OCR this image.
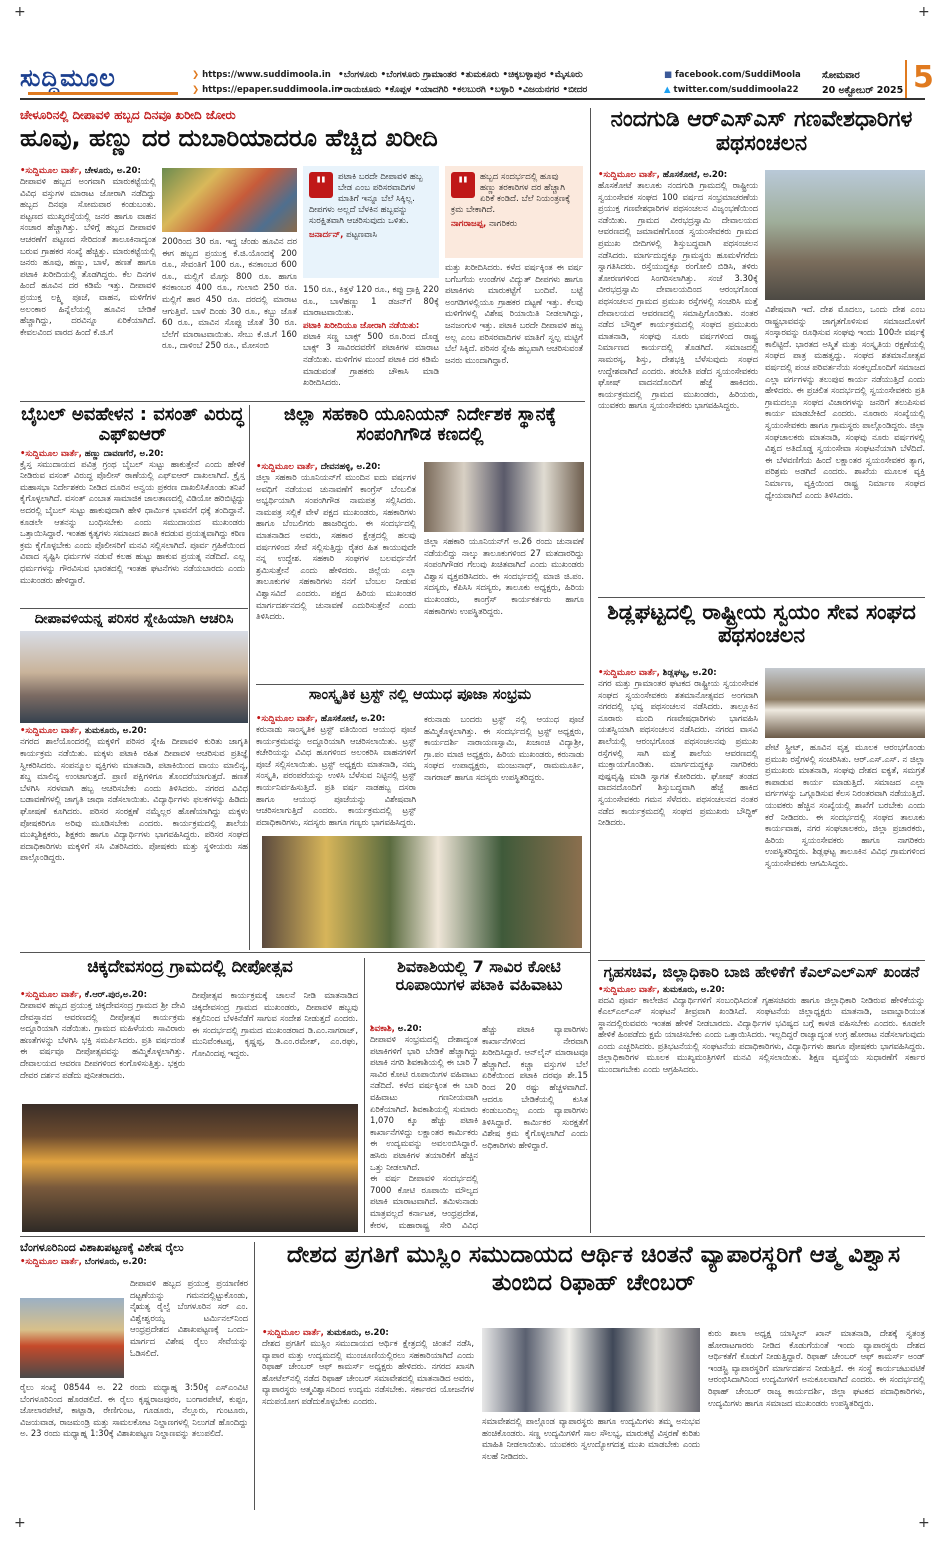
+	+
+	+
ಸುದ್ದಿಮೂಲ	❯ https://www.suddimoola.in
❯ https://epaper.suddimoola.in
•ಬೆಂಗಳೂರು •ಬೆಂಗಳೂರು ಗ್ರಾಮಾಂತರ •ತುಮಕೂರು •ಚಿಕ್ಕಬಳ್ಳಾಪುರ •ಮೈಸೂರು
•ರಾಯಚೂರು •ಕೊಪ್ಪಳ •ಯಾದಗಿರಿ •ಕಲಬುರಗಿ •ಬಳ್ಳಾರಿ •ವಿಜಯನಗರ •ಬೀದರ
■ facebook.com/SuddiMoola
▲ twitter.com/suddimoola22
ಸೋಮವಾರ
20 ಅಕ್ಟೋಬರ್ 2025 5
ಚೇಳೂರಿನಲ್ಲಿ ದೀಪಾವಳಿ ಹಬ್ಬದ ದಿನವೂ ಖರೀದಿ ಜೋರು
ಹೂವು, ಹಣ್ಣು ದರ ದುಬಾರಿಯಾದರೂ ಹೆಚ್ಚಿದ ಖರೀದಿ
•ಸುದ್ದಿಮೂಲ ವಾರ್ತೆ, ಚೇಳೂರು, ಅ.20:
ದೀಪಾವಳಿ ಹಬ್ಬದ ಅಂಗವಾಗಿ ಮಾರುಕಟ್ಟೆಯಲ್ಲಿ ವಿವಿಧ ವಸ್ತುಗಳ ಮಾರಾಟ ಜೋರಾಗಿ ನಡೆದಿದ್ದು ಹಬ್ಬದ ದಿನವೂ ಸೋಮವಾರ ಕಂಡುಬಂತು. ಪಟ್ಟಣದ ಮುಖ್ಯರಸ್ತೆಯಲ್ಲಿ ಜನರ ಹಾಗೂ ವಾಹನ ಸಂಚಾರ ಹೆಚ್ಚಾಗಿತ್ತು. ಬೆಳಿಗ್ಗೆ ಹಬ್ಬದ ದೀಪಾವಳಿ ಆಚರಣೆಗೆ ಪಟ್ಟಣದ ಸೇರಿದಂತೆ ತಾಲೂಕಿನಾದ್ಯಂತ ಬರುವ ಗ್ರಾಹಕರ ಸಂಖ್ಯೆ ಹೆಚ್ಚಿತ್ತು. ಮಾರುಕಟ್ಟೆಯಲ್ಲಿ ಜನರು ಹೂವು, ಹಣ್ಣು, ಬಾಳೆ, ಹಣತೆ ಹಾಗೂ ಪಟಾಕಿ ಖರೀದಿಯಲ್ಲಿ ತೊಡಗಿದ್ದರು. ಕೆಲ ದಿನಗಳ ಹಿಂದೆ ಹೂವಿನ ದರ ಕಡಿಮೆ ಇತ್ತು. ದೀಪಾವಳಿ ಪ್ರಯುಕ್ತ ಲಕ್ಷ್ಮಿ ಪೂಜೆ, ವಾಹನ, ಮಳಿಗೆಗಳ ಅಲಂಕಾರ ಹಿನ್ನೆಲೆಯಲ್ಲಿ ಹೂವಿನ ಬೇಡಿಕೆ ಹೆಚ್ಚಾಗಿದ್ದು, ದರವಿನ್ನೂ ಏರಿಕೆಯಾಗಿದೆ. ಕೇವಲವಿಂದ ವಾರದ ಹಿಂದೆ ಕೆ.ಜಿ.ಗೆ
200ರಿಂದ 30 ರೂ. ಇದ್ದ ಚೆಂಡು ಹೂವಿನ ದರ ಈಗ ಹಬ್ಬದ ಪ್ರಯುಕ್ತ ಕೆ.ಜಿ.ಯೊಂದಕ್ಕೆ 200 ರೂ., ಸೇವಂತಿಗೆ 100 ರೂ., ಕನಕಾಂಬರ 600 ರೂ., ಮಲ್ಲಿಗೆ ಮೊಗ್ಗು 800 ರೂ. ಹಾಗೂ ಕನಕಾಂಬರ 400 ರೂ., ಗುಲಾಬಿ 250 ರೂ. ಮಲ್ಲಿಗೆ ಹಾರ 450 ರೂ. ದರದಲ್ಲಿ ಮಾರಾಟ ಆಗುತ್ತಿವೆ. ಬಾಳೆ ದಿಂಡು 30 ರೂ., ಕಬ್ಬು ಜೊತೆ 60 ರೂ., ಮಾವಿನ ಸೊಪ್ಪು ಜೊತೆ 30 ರೂ. ಬೆಲೆಗೆ ಮಾರಾಟವಾಯಿತು. ಸೇಬು ಕೆ.ಜಿ.ಗೆ 160 ರೂ., ದಾಳಿಂಬೆ 250 ರೂ., ಮೋಸಂಬಿ
"	ಪಟಾಕಿ ಬರದೇ ದೀಪಾವಳಿ ಹಬ್ಬ ಬೇಡ ಎಂಬ ಪರಿಸರವಾದಿಗಳ ಮಾತಿಗೆ ಇನ್ನೂ ಬೆಲೆ ಸಿಕ್ಕಿಲ್ಲ. ದೀಪಗಳು ಅಲ್ಲದೆ ಬೆಳಕಿನ ಹಬ್ಬವನ್ನು ಸುರಕ್ಷಿತವಾಗಿ ಆಚರಿಸುವುದು ಒಳಿತು.
ಜನಾರ್ದನ್, ಪಟ್ಟಣವಾಸಿ
"	ಹಬ್ಬದ ಸಂದರ್ಭದಲ್ಲಿ ಹೂವು ಹಣ್ಣು ತರಕಾರಿಗಳ ದರ ಹೆಚ್ಚಾಗಿ ಏರಿಕೆ ಕಂಡಿದೆ. ಬೆಲೆ ನಿಯಂತ್ರಣಕ್ಕೆ ಕ್ರಮ ಬೇಕಾಗಿದೆ.
ನಾಗರಾಜಪ್ಪ, ನಾಗರಿಕರು
150 ರೂ., ಕಿತ್ತಳೆ 120 ರೂ., ಕಪ್ಪು ದ್ರಾಕ್ಷಿ 220 ರೂ., ಬಾಳೆಹಣ್ಣು 1 ಡಜನ್‌ಗೆ 80ಕ್ಕೆ ಮಾರಾಟವಾಯಿತು.
ಪಟಾಕಿ ಖರೀದಿಯೂ ಜೋರಾಗಿ ನಡೆಯಿತು:
ಪಟಾಕಿ ಸಣ್ಣ ಬಾಕ್ಸ್ 500 ರೂ.ರಿಂದ ದೊಡ್ಡ ಬಾಕ್ಸ್ 3 ಸಾವಿರದವರೆಗೆ ಪಟಾಕಿಗಳ ಮಾರಾಟ ನಡೆಯಿತು. ಮಳಿಗೆಗಳ ಮುಂದೆ ಪಟಾಕಿ ದರ ಕಡಿಮೆ ಮಾಡುವಂತೆ ಗ್ರಾಹಕರು ಚೌಕಾಸಿ ಮಾಡಿ ಖರೀದಿಸಿದರು.
ಮತ್ತು ಖರೀದಿಸಿದರು. ಕಳೆದ ವರ್ಷಕ್ಕಿಂತ ಈ ವರ್ಷ ಬಗೆಬಗೆಯ ಉಂಡೆಗಳ ವಿದ್ಯುತ್ ದೀಪಗಳು ಹಾಗೂ ಪಟಾಕಿಗಳು ಮಾರುಕಟ್ಟೆಗೆ ಬಂದಿವೆ. ಬಟ್ಟೆ ಅಂಗಡಿಗಳಲ್ಲಿಯೂ ಗ್ರಾಹಕರ ದಟ್ಟಣೆ ಇತ್ತು. ಕೆಲವು ಮಳಿಗೆಗಳಲ್ಲಿ ವಿಶೇಷ ರಿಯಾಯಿತಿ ನೀಡಲಾಗಿದ್ದು, ಜನಜಂಗುಳಿ ಇತ್ತು. ಪಟಾಕಿ ಬರದೇ ದೀಪಾವಳಿ ಹಬ್ಬ ಅಲ್ಲ ಎಂಬ ಪರಿಸರವಾದಿಗಳ ಮಾತಿಗೆ ಸ್ವಲ್ಪ ಮಟ್ಟಿಗೆ ಬೆಲೆ ಸಿಕ್ಕಿದೆ. ಪರಿಸರ ಸ್ನೇಹಿ ಹಬ್ಬವಾಗಿ ಆಚರಿಸುವಂತೆ ಜನರು ಮುಂದಾಗಿದ್ದಾರೆ.
ನಂದಗುಡಿ ಆರ್‌ಎಸ್‌ಎಸ್ ಗಣವೇಶಧಾರಿಗಳ ಪಥಸಂಚಲನ
•ಸುದ್ದಿಮೂಲ ವಾರ್ತೆ, ಹೊಸಕೋಟೆ, ಅ.20:
ಹೊಸಕೋಟೆ ತಾಲೂಕು ನಂದಗುಡಿ ಗ್ರಾಮದಲ್ಲಿ ರಾಷ್ಟ್ರೀಯ ಸ್ವಯಂಸೇವಕ ಸಂಘದ 100 ವರ್ಷದ ಸಂಭ್ರಮಾಚರಣೆಯ ಪ್ರಯುಕ್ತ ಗಣವೇಶಧಾರಿಗಳ ಪಥಸಂಚಲನ ವಿಜೃಂಭಣೆಯಿಂದ ನಡೆಯಿತು. ಗ್ರಾಮದ ವೀರಭದ್ರಸ್ವಾಮಿ ದೇವಾಲಯದ ಆವರಣದಲ್ಲಿ ಜಮಾವಣೆಗೊಂಡ ಸ್ವಯಂಸೇವಕರು ಗ್ರಾಮದ ಪ್ರಮುಖ ಬೀದಿಗಳಲ್ಲಿ ಶಿಸ್ತುಬದ್ಧವಾಗಿ ಪಥಸಂಚಲನ ನಡೆಸಿದರು. ಮಾರ್ಗದುದ್ದಕ್ಕೂ ಗ್ರಾಮಸ್ಥರು ಹೂಮಳೆಗರೆದು ಸ್ವಾಗತಿಸಿದರು. ರಸ್ತೆಯುದ್ದಕ್ಕೂ ರಂಗೋಲಿ ಬಿಡಿಸಿ, ತಳಿರು ತೋರಣಗಳಿಂದ ಸಿಂಗರಿಸಲಾಗಿತ್ತು. ಸಂಜೆ 3.30ಕ್ಕೆ ವೀರಭದ್ರಸ್ವಾಮಿ ದೇವಾಲಯದಿಂದ ಆರಂಭಗೊಂಡ ಪಥಸಂಚಲನ ಗ್ರಾಮದ ಪ್ರಮುಖ ರಸ್ತೆಗಳಲ್ಲಿ ಸಂಚರಿಸಿ ಮತ್ತೆ ದೇವಾಲಯದ ಆವರಣದಲ್ಲಿ ಸಮಾಪ್ತಿಗೊಂಡಿತು. ನಂತರ ನಡೆದ ಬೌದ್ಧಿಕ್ ಕಾರ್ಯಕ್ರಮದಲ್ಲಿ ಸಂಘದ ಪ್ರಮುಖರು ಮಾತನಾಡಿ, ಸಂಘವು ನೂರು ವರ್ಷಗಳಿಂದ ರಾಷ್ಟ್ರ ನಿರ್ಮಾಣದ ಕಾರ್ಯದಲ್ಲಿ ತೊಡಗಿದೆ. ಸಮಾಜದಲ್ಲಿ ಸಾಮರಸ್ಯ, ಶಿಸ್ತು, ದೇಶಭಕ್ತಿ ಬೆಳೆಸುವುದು ಸಂಘದ ಉದ್ದೇಶವಾಗಿದೆ ಎಂದರು. ತರಬೇತಿ ಪಡೆದ ಸ್ವಯಂಸೇವಕರು ಘೋಷ್ ವಾದನದೊಂದಿಗೆ ಹೆಜ್ಜೆ ಹಾಕಿದರು. ಕಾರ್ಯಕ್ರಮದಲ್ಲಿ ಗ್ರಾಮದ ಮುಖಂಡರು, ಹಿರಿಯರು, ಯುವಕರು ಹಾಗೂ ಸ್ವಯಂಸೇವಕರು ಭಾಗವಹಿಸಿದ್ದರು.
ವಿಶೇಷವಾಗಿ ಇದೆ. ದೇಶ ಮೊದಲು, ಒಂದು ದೇಶ ಎಂಬ ರಾಷ್ಟ್ರಭಾವವನ್ನು ಜಾಗೃತಗೊಳಿಸುವ ಸಮಾಜದೊಳಗೆ ಸಂಸ್ಕಾರವನ್ನು ರೂಢಿಸುವ ಸಂಘವು ಇಂದು 100ನೇ ವರ್ಷಕ್ಕೆ ಕಾಲಿಟ್ಟಿದೆ. ಭಾರತದ ಅಸ್ಮಿತೆ ಮತ್ತು ಸಂಸ್ಕೃತಿಯ ರಕ್ಷಣೆಯಲ್ಲಿ ಸಂಘದ ಪಾತ್ರ ಮಹತ್ವದ್ದು. ಸಂಘದ ಶತಮಾನೋತ್ಸವ ವರ್ಷದಲ್ಲಿ ಪಂಚ ಪರಿವರ್ತನೆಯ ಸಂಕಲ್ಪದೊಂದಿಗೆ ಸಮಾಜದ ಎಲ್ಲಾ ವರ್ಗಗಳನ್ನು ತಲುಪುವ ಕಾರ್ಯ ನಡೆಯುತ್ತಿದೆ ಎಂದು ಹೇಳಿದರು. ಈ ಪ್ರಚಲಿತ ಸಂದರ್ಭದಲ್ಲಿ ಸ್ವಯಂಸೇವಕರು ಪ್ರತಿ ಗ್ರಾಮದಲ್ಲೂ ಸಂಘದ ವಿಚಾರಗಳನ್ನು ಜನರಿಗೆ ತಲುಪಿಸುವ ಕಾರ್ಯ ಮಾಡಬೇಕಿದೆ ಎಂದರು. ನೂರಾರು ಸಂಖ್ಯೆಯಲ್ಲಿ ಸ್ವಯಂಸೇವಕರು ಹಾಗೂ ಗ್ರಾಮಸ್ಥರು ಪಾಲ್ಗೊಂಡಿದ್ದರು. ಜಿಲ್ಲಾ ಸಂಘಚಾಲಕರು ಮಾತನಾಡಿ, ಸಂಘವು ನೂರು ವರ್ಷಗಳಲ್ಲಿ ವಿಶ್ವದ ಅತಿದೊಡ್ಡ ಸ್ವಯಂಸೇವಾ ಸಂಘಟನೆಯಾಗಿ ಬೆಳೆದಿದೆ. ಈ ಬೆಳವಣಿಗೆಯ ಹಿಂದೆ ಲಕ್ಷಾಂತರ ಸ್ವಯಂಸೇವಕರ ತ್ಯಾಗ, ಪರಿಶ್ರಮ ಅಡಗಿದೆ ಎಂದರು. ಶಾಖೆಯ ಮೂಲಕ ವ್ಯಕ್ತಿ ನಿರ್ಮಾಣ, ವ್ಯಕ್ತಿಯಿಂದ ರಾಷ್ಟ್ರ ನಿರ್ಮಾಣ ಸಂಘದ ಧ್ಯೇಯವಾಗಿದೆ ಎಂದು ತಿಳಿಸಿದರು.
ಬೈಬಲ್ ಅವಹೇಳನ : ವಸಂತ್ ವಿರುದ್ಧ ಎಫ್‌ಐಆರ್
•ಸುದ್ದಿಮೂಲ ವಾರ್ತೆ, ಹಣ್ಣು ದಾವಣಗೆರೆ, ಅ.20:
ಕ್ರೈಸ್ತ ಸಮುದಾಯದ ಪವಿತ್ರ ಗ್ರಂಥ ಬೈಬಲ್ ಸುಟ್ಟು ಹಾಕುತ್ತೇನೆ ಎಂದು ಹೇಳಿಕೆ ನೀಡಿರುವ ವಸಂತ್ ವಿರುದ್ಧ ಪೊಲೀಸ್ ಠಾಣೆಯಲ್ಲಿ ಎಫ್‌ಐಆರ್ ದಾಖಲಾಗಿದೆ. ಕ್ರೈಸ್ತ ಮಹಾಸಭಾ ನಿರ್ದೇಶಕರು ನೀಡಿದ ದೂರಿನ ಅನ್ವಯ ಪ್ರಕರಣ ದಾಖಲಿಸಿಕೊಂಡು ತನಿಖೆ ಕೈಗೊಳ್ಳಲಾಗಿದೆ. ವಸಂತ್ ಎಂಬಾತ ಸಾಮಾಜಿಕ ಜಾಲತಾಣದಲ್ಲಿ ವಿಡಿಯೋ ಹರಿಬಿಟ್ಟಿದ್ದು ಅದರಲ್ಲಿ ಬೈಬಲ್ ಸುಟ್ಟು ಹಾಕುವುದಾಗಿ ಹೇಳಿ ಧಾರ್ಮಿಕ ಭಾವನೆಗೆ ಧಕ್ಕೆ ತಂದಿದ್ದಾನೆ. ಕೂಡಲೇ ಆತನನ್ನು ಬಂಧಿಸಬೇಕು ಎಂದು ಸಮುದಾಯದ ಮುಖಂಡರು ಒತ್ತಾಯಿಸಿದ್ದಾರೆ. ಇಂತಹ ಕೃತ್ಯಗಳು ಸಮಾಜದ ಶಾಂತಿ ಕದಡುವ ಪ್ರಯತ್ನವಾಗಿದ್ದು ಕಠಿಣ ಕ್ರಮ ಕೈಗೊಳ್ಳಬೇಕು ಎಂದು ಪೊಲೀಸರಿಗೆ ಮನವಿ ಸಲ್ಲಿಸಲಾಗಿದೆ. ಪೂರ್ವ ಗ್ರಹಿಕೆಯಿಂದ ವಿವಾದ ಸೃಷ್ಟಿಸಿ ಧರ್ಮಗಳ ನಡುವೆ ಕಲಹ ಹುಟ್ಟು ಹಾಕುವ ಪ್ರಯತ್ನ ನಡೆದಿದೆ. ಎಲ್ಲ ಧರ್ಮಗಳನ್ನು ಗೌರವಿಸುವ ಭಾರತದಲ್ಲಿ ಇಂತಹ ಘಟನೆಗಳು ನಡೆಯಬಾರದು ಎಂದು ಮುಖಂಡರು ಹೇಳಿದ್ದಾರೆ.
ಜಿಲ್ಲಾ ಸಹಕಾರಿ ಯೂನಿಯನ್ ನಿರ್ದೇಶಕ ಸ್ಥಾನಕ್ಕೆ ಸಂಪಂಗಿಗೌಡ ಕಣದಲ್ಲಿ
•ಸುದ್ದಿಮೂಲ ವಾರ್ತೆ, ದೇವನಹಳ್ಳಿ, ಅ.20:
ಜಿಲ್ಲಾ ಸಹಕಾರಿ ಯೂನಿಯನ್‌ಗೆ ಮುಂದಿನ ಐದು ವರ್ಷಗಳ ಅವಧಿಗೆ ನಡೆಯುವ ಚುನಾವಣೆಗೆ ಕಾಂಗ್ರೆಸ್ ಬೆಂಬಲಿತ ಅಭ್ಯರ್ಥಿಯಾಗಿ ಸಂಪಂಗಿಗೌಡ ನಾಮಪತ್ರ ಸಲ್ಲಿಸಿದರು. ನಾಮಪತ್ರ ಸಲ್ಲಿಕೆ ವೇಳೆ ಪಕ್ಷದ ಮುಖಂಡರು, ಸಹಕಾರಿಗಳು ಹಾಗೂ ಬೆಂಬಲಿಗರು ಹಾಜರಿದ್ದರು. ಈ ಸಂದರ್ಭದಲ್ಲಿ ಮಾತನಾಡಿದ ಅವರು, ಸಹಕಾರ ಕ್ಷೇತ್ರದಲ್ಲಿ ಹಲವು ವರ್ಷಗಳಿಂದ ಸೇವೆ ಸಲ್ಲಿಸುತ್ತಿದ್ದು ರೈತರ ಹಿತ ಕಾಯುವುದೇ ನನ್ನ ಉದ್ದೇಶ. ಸಹಕಾರಿ ಸಂಘಗಳ ಬಲವರ್ಧನೆಗೆ ಶ್ರಮಿಸುತ್ತೇನೆ ಎಂದು ಹೇಳಿದರು. ಜಿಲ್ಲೆಯ ಎಲ್ಲಾ ತಾಲೂಕುಗಳ ಸಹಕಾರಿಗಳು ನನಗೆ ಬೆಂಬಲ ನೀಡುವ ವಿಶ್ವಾಸವಿದೆ ಎಂದರು. ಪಕ್ಷದ ಹಿರಿಯ ಮುಖಂಡರ ಮಾರ್ಗದರ್ಶನದಲ್ಲಿ ಚುನಾವಣೆ ಎದುರಿಸುತ್ತೇನೆ ಎಂದು ತಿಳಿಸಿದರು.
ಜಿಲ್ಲಾ ಸಹಕಾರಿ ಯೂನಿಯನ್‌ಗೆ ಅ.26 ರಂದು ಚುನಾವಣೆ ನಡೆಯಲಿದ್ದು ನಾಲ್ಕು ತಾಲೂಕುಗಳಿಂದ 27 ಮತದಾರರಿದ್ದು ಸಂಪಂಗಿಗೌಡರ ಗೆಲುವು ಖಚಿತವಾಗಿದೆ ಎಂದು ಮುಖಂಡರು ವಿಶ್ವಾಸ ವ್ಯಕ್ತಪಡಿಸಿದರು. ಈ ಸಂದರ್ಭದಲ್ಲಿ ಮಾಜಿ ಜಿ.ಪಂ. ಸದಸ್ಯರು, ಕೆಪಿಸಿಸಿ ಸದಸ್ಯರು, ತಾಲೂಕು ಅಧ್ಯಕ್ಷರು, ಹಿರಿಯ ಮುಖಂಡರು, ಕಾಂಗ್ರೆಸ್ ಕಾರ್ಯಕರ್ತರು ಹಾಗೂ ಸಹಕಾರಿಗಳು ಉಪಸ್ಥಿತರಿದ್ದರು.
ದೀಪಾವಳಿಯನ್ನ ಪರಿಸರ ಸ್ನೇಹಿಯಾಗಿ ಆಚರಿಸಿ
•ಸುದ್ದಿಮೂಲ ವಾರ್ತೆ, ತುಮಕೂರು, ಅ.20:
ನಗರದ ಶಾಲೆಯೊಂದರಲ್ಲಿ ಮಕ್ಕಳಿಗೆ ಪರಿಸರ ಸ್ನೇಹಿ ದೀಪಾವಳಿ ಕುರಿತು ಜಾಗೃತಿ ಕಾರ್ಯಕ್ರಮ ನಡೆಯಿತು. ಮಕ್ಕಳು ಪಟಾಕಿ ರಹಿತ ದೀಪಾವಳಿ ಆಚರಿಸುವ ಪ್ರತಿಜ್ಞೆ ಸ್ವೀಕರಿಸಿದರು. ಸಂಪನ್ಮೂಲ ವ್ಯಕ್ತಿಗಳು ಮಾತನಾಡಿ, ಪಟಾಕಿಯಿಂದ ವಾಯು ಮಾಲಿನ್ಯ, ಶಬ್ದ ಮಾಲಿನ್ಯ ಉಂಟಾಗುತ್ತದೆ. ಪ್ರಾಣಿ ಪಕ್ಷಿಗಳಿಗೂ ತೊಂದರೆಯಾಗುತ್ತದೆ. ಹಣತೆ ಬೆಳಗಿಸಿ ಸರಳವಾಗಿ ಹಬ್ಬ ಆಚರಿಸಬೇಕು ಎಂದು ತಿಳಿಸಿದರು. ನಗರದ ವಿವಿಧ ಬಡಾವಣೆಗಳಲ್ಲಿ ಜಾಗೃತಿ ಜಾಥಾ ನಡೆಸಲಾಯಿತು. ವಿದ್ಯಾರ್ಥಿಗಳು ಫಲಕಗಳನ್ನು ಹಿಡಿದು ಘೋಷಣೆ ಕೂಗಿದರು. ಪರಿಸರ ಸಂರಕ್ಷಣೆ ನಮ್ಮೆಲ್ಲರ ಹೊಣೆಯಾಗಿದ್ದು ಮಕ್ಕಳು ಪೋಷಕರಿಗೂ ಅರಿವು ಮೂಡಿಸಬೇಕು ಎಂದರು. ಕಾರ್ಯಕ್ರಮದಲ್ಲಿ ಶಾಲೆಯ ಮುಖ್ಯಶಿಕ್ಷಕರು, ಶಿಕ್ಷಕರು ಹಾಗೂ ವಿದ್ಯಾರ್ಥಿಗಳು ಭಾಗವಹಿಸಿದ್ದರು. ಪರಿಸರ ಸಂಘದ ಪದಾಧಿಕಾರಿಗಳು ಮಕ್ಕಳಿಗೆ ಸಸಿ ವಿತರಿಸಿದರು. ಪೋಷಕರು ಮತ್ತು ಸ್ಥಳೀಯರು ಸಹ ಪಾಲ್ಗೊಂಡಿದ್ದರು.
ಸಾಂಸ್ಕೃತಿಕ ಟ್ರಸ್ಟ್ ನಲ್ಲಿ ಆಯುಧ ಪೂಜಾ ಸಂಭ್ರಮ
•ಸುದ್ದಿಮೂಲ ವಾರ್ತೆ, ಹೊಸಕೋಟೆ, ಅ.20:
ಕರುನಾಡು ಸಾಂಸ್ಕೃತಿಕ ಟ್ರಸ್ಟ್ ವತಿಯಿಂದ ಆಯುಧ ಪೂಜೆ ಕಾರ್ಯಕ್ರಮವನ್ನು ಅದ್ದೂರಿಯಾಗಿ ಆಚರಿಸಲಾಯಿತು. ಟ್ರಸ್ಟ್ ಕಚೇರಿಯನ್ನು ವಿವಿಧ ಹೂಗಳಿಂದ ಅಲಂಕರಿಸಿ ವಾಹನಗಳಿಗೆ ಪೂಜೆ ಸಲ್ಲಿಸಲಾಯಿತು. ಟ್ರಸ್ಟ್ ಅಧ್ಯಕ್ಷರು ಮಾತನಾಡಿ, ನಮ್ಮ ಸಂಸ್ಕೃತಿ, ಪರಂಪರೆಯನ್ನು ಉಳಿಸಿ ಬೆಳೆಸುವ ನಿಟ್ಟಿನಲ್ಲಿ ಟ್ರಸ್ಟ್ ಕಾರ್ಯನಿರ್ವಹಿಸುತ್ತಿದೆ. ಪ್ರತಿ ವರ್ಷ ನಾಡಹಬ್ಬ ದಸರಾ ಹಾಗೂ ಆಯುಧ ಪೂಜೆಯನ್ನು ವಿಶೇಷವಾಗಿ ಆಚರಿಸಲಾಗುತ್ತಿದೆ ಎಂದರು. ಕಾರ್ಯಕ್ರಮದಲ್ಲಿ ಟ್ರಸ್ಟ್ ಪದಾಧಿಕಾರಿಗಳು, ಸದಸ್ಯರು ಹಾಗೂ ಗಣ್ಯರು ಭಾಗವಹಿಸಿದ್ದರು.
ಕರುನಾಡು ಬಂದರು ಟ್ರಸ್ಟ್ ನಲ್ಲಿ ಆಯುಧ ಪೂಜೆ ಹಮ್ಮಿಕೊಳ್ಳಲಾಗಿತ್ತು. ಈ ಸಂದರ್ಭದಲ್ಲಿ ಟ್ರಸ್ಟ್ ಅಧ್ಯಕ್ಷರು, ಕಾರ್ಯದರ್ಶಿ ನಾರಾಯಣಸ್ವಾಮಿ, ಖಜಾಂಚಿ ವಿದ್ಯಾಶ್ರೀ, ಗ್ರಾ.ಪಂ ಮಾಜಿ ಅಧ್ಯಕ್ಷರು, ಹಿರಿಯ ಮುಖಂಡರು, ಕರುನಾಡು ಸಂಘದ ಉಪಾಧ್ಯಕ್ಷರು, ಮಂಜುನಾಥ್, ರಾಮಮೂರ್ತಿ, ನಾಗರಾಜ್ ಹಾಗೂ ಸದಸ್ಯರು ಉಪಸ್ಥಿತರಿದ್ದರು.
ಶಿಡ್ಲಘಟ್ಟದಲ್ಲಿ ರಾಷ್ಟ್ರೀಯ ಸ್ವಯಂ ಸೇವ ಸಂಘದ ಪಥಸಂಚಲನ
•ಸುದ್ದಿಮೂಲ ವಾರ್ತೆ, ಶಿಡ್ಲಘಟ್ಟ, ಅ.20:
ನಗರ ಮತ್ತು ಗ್ರಾಮಾಂತರ ಘಟಕದ ರಾಷ್ಟ್ರೀಯ ಸ್ವಯಂಸೇವಕ ಸಂಘದ ಸ್ವಯಂಸೇವಕರು ಶತಮಾನೋತ್ಸವದ ಅಂಗವಾಗಿ ನಗರದಲ್ಲಿ ಭವ್ಯ ಪಥಸಂಚಲನ ನಡೆಸಿದರು. ತಾಲ್ಲೂಕಿನ ನೂರಾರು ಮಂದಿ ಗಣವೇಷಧಾರಿಗಳು ಭಾಗವಹಿಸಿ ಯಶಸ್ವಿಯಾಗಿ ಪಥಸಂಚಲನ ನಡೆಸಿದರು. ನಗರದ ವಾಸವಿ ಶಾಲೆಯಲ್ಲಿ ಆರಂಭಗೊಂಡ ಪಥಸಂಚಲನವು ಪ್ರಮುಖ ರಸ್ತೆಗಳಲ್ಲಿ ಸಾಗಿ ಮತ್ತೆ ಶಾಲೆಯ ಆವರಣದಲ್ಲಿ ಮುಕ್ತಾಯಗೊಂಡಿತು. ಮಾರ್ಗದುದ್ದಕ್ಕೂ ನಾಗರಿಕರು ಪುಷ್ಪವೃಷ್ಟಿ ಮಾಡಿ ಸ್ವಾಗತ ಕೋರಿದರು. ಘೋಷ್ ತಂಡದ ವಾದನದೊಂದಿಗೆ ಶಿಸ್ತುಬದ್ಧವಾಗಿ ಹೆಜ್ಜೆ ಹಾಕಿದ ಸ್ವಯಂಸೇವಕರು ಗಮನ ಸೆಳೆದರು. ಪಥಸಂಚಲನದ ನಂತರ ನಡೆದ ಕಾರ್ಯಕ್ರಮದಲ್ಲಿ ಸಂಘದ ಪ್ರಮುಖರು ಬೌದ್ಧಿಕ್ ನೀಡಿದರು.
ಪೇಟೆ ಸ್ಟ್ರೀಟ್, ಹೂವಿನ ವೃತ್ತ ಮೂಲಕ ಆರಂಭಗೊಂಡು ಪ್ರಮುಖ ರಸ್ತೆಗಳಲ್ಲಿ ಸಂಚರಿಸಿತು. ಆರ್.ಎಸ್.ಎಸ್. ನ ಜಿಲ್ಲಾ ಪ್ರಮುಖರು ಮಾತನಾಡಿ, ಸಂಘವು ದೇಶದ ಐಕ್ಯತೆ, ಸಮಗ್ರತೆ ಕಾಪಾಡುವ ಕಾರ್ಯ ಮಾಡುತ್ತಿದೆ. ಸಮಾಜದ ಎಲ್ಲಾ ವರ್ಗಗಳನ್ನು ಒಗ್ಗೂಡಿಸುವ ಕೆಲಸ ನಿರಂತರವಾಗಿ ನಡೆಯುತ್ತಿದೆ. ಯುವಕರು ಹೆಚ್ಚಿನ ಸಂಖ್ಯೆಯಲ್ಲಿ ಶಾಖೆಗೆ ಬರಬೇಕು ಎಂದು ಕರೆ ನೀಡಿದರು. ಈ ಸಂದರ್ಭದಲ್ಲಿ ಸಂಘದ ತಾಲೂಕು ಕಾರ್ಯವಾಹ, ನಗರ ಸಂಘಚಾಲಕರು, ಜಿಲ್ಲಾ ಪ್ರಚಾರಕರು, ಹಿರಿಯ ಸ್ವಯಂಸೇವಕರು ಹಾಗೂ ನಾಗರಿಕರು ಉಪಸ್ಥಿತರಿದ್ದರು. ಶಿಡ್ಲಘಟ್ಟ ತಾಲೂಕಿನ ವಿವಿಧ ಗ್ರಾಮಗಳಿಂದ ಸ್ವಯಂಸೇವಕರು ಆಗಮಿಸಿದ್ದರು.
ಚಿಕ್ಕದೇವಸಂದ್ರ ಗ್ರಾಮದಲ್ಲಿ ದೀಪೋತ್ಸವ
•ಸುದ್ದಿಮೂಲ ವಾರ್ತೆ, ಕೆ.ಆರ್.ಪುರ,ಅ.20:
ದೀಪಾವಳಿ ಹಬ್ಬದ ಪ್ರಯುಕ್ತ ಚಿಕ್ಕದೇವಸಂದ್ರ ಗ್ರಾಮದ ಶ್ರೀ ದೇವಿ ದೇವಸ್ಥಾನದ ಆವರಣದಲ್ಲಿ ದೀಪೋತ್ಸವ ಕಾರ್ಯಕ್ರಮ ಅದ್ದೂರಿಯಾಗಿ ನಡೆಯಿತು. ಗ್ರಾಮದ ಮಹಿಳೆಯರು ಸಾವಿರಾರು ಹಣತೆಗಳನ್ನು ಬೆಳಗಿಸಿ ಭಕ್ತಿ ಸಮರ್ಪಿಸಿದರು. ಪ್ರತಿ ವರ್ಷದಂತೆ ಈ ವರ್ಷವೂ ದೀಪೋತ್ಸವವನ್ನು ಹಮ್ಮಿಕೊಳ್ಳಲಾಗಿತ್ತು. ದೇವಾಲಯದ ಆವರಣ ದೀಪಗಳಿಂದ ಕಂಗೊಳಿಸುತ್ತಿತ್ತು. ಭಕ್ತರು ದೇವರ ದರ್ಶನ ಪಡೆದು ಪುನೀತರಾದರು.
ದೀಪೋತ್ಸವ ಕಾರ್ಯಕ್ರಮಕ್ಕೆ ಚಾಲನೆ ನೀಡಿ ಮಾತನಾಡಿದ ಚಿಕ್ಕದೇವಸಂದ್ರ ಗ್ರಾಮದ ಮುಖಂಡರು, ದೀಪಾವಳಿ ಹಬ್ಬವು ಕತ್ತಲಿನಿಂದ ಬೆಳಕಿನೆಡೆಗೆ ಸಾಗುವ ಸಂದೇಶ ನೀಡುತ್ತದೆ ಎಂದರು. ಈ ಸಂದರ್ಭದಲ್ಲಿ ಗ್ರಾಮದ ಮುಖಂಡರಾದ ಡಿ.ಎಂ.ನಾಗರಾಜ್, ಮುನಿವೆಂಕಟಪ್ಪ, ಕೃಷ್ಣಪ್ಪ, ಡಿ.ಎಂ.ರಮೇಶ್, ಎಂ.ರಘು, ಗೋವಿಂದಪ್ಪ ಇದ್ದರು.
ಶಿವಕಾಶಿಯಲ್ಲಿ 7 ಸಾವಿರ ಕೋಟಿ ರೂಪಾಯಿಗಳ ಪಟಾಕಿ ವಹಿವಾಟು
ಶಿವಕಾಶಿ, ಅ.20:
ದೀಪಾವಳಿ ಸಂಭ್ರಮದಲ್ಲಿ ದೇಶಾದ್ಯಂತ ಪಟಾಕಿಗಳಿಗೆ ಭಾರಿ ಬೇಡಿಕೆ ಹೆಚ್ಚಾಗಿದ್ದು ಪಟಾಕಿ ನಗರಿ ಶಿವಕಾಶಿಯಲ್ಲಿ ಈ ಬಾರಿ 7 ಸಾವಿರ ಕೋಟಿ ರೂಪಾಯಿಗಳ ವಹಿವಾಟು ನಡೆದಿದೆ. ಕಳೆದ ವರ್ಷಕ್ಕಿಂತ ಈ ಬಾರಿ ವಹಿವಾಟು ಗಣನೀಯವಾಗಿ ಏರಿಕೆಯಾಗಿದೆ. ಶಿವಕಾಶಿಯಲ್ಲಿ ಸುಮಾರು 1,070 ಕ್ಕೂ ಹೆಚ್ಚು ಪಟಾಕಿ ಕಾರ್ಖಾನೆಗಳಿದ್ದು ಲಕ್ಷಾಂತರ ಕಾರ್ಮಿಕರು ಈ ಉದ್ಯಮವನ್ನು ಅವಲಂಬಿಸಿದ್ದಾರೆ. ಹಸಿರು ಪಟಾಕಿಗಳ ತಯಾರಿಕೆಗೆ ಹೆಚ್ಚಿನ ಒತ್ತು ನೀಡಲಾಗಿದೆ.
ಈ ವರ್ಷ ದೀಪಾವಳಿ ಸಂದರ್ಭದಲ್ಲಿ 7000 ಕೋಟಿ ರೂಪಾಯಿ ಮೌಲ್ಯದ ಪಟಾಕಿ ಮಾರಾಟವಾಗಿದೆ. ತಮಿಳುನಾಡು ಮಾತ್ರವಲ್ಲದೆ ಕರ್ನಾಟಕ, ಆಂಧ್ರಪ್ರದೇಶ, ಕೇರಳ, ಮಹಾರಾಷ್ಟ್ರ ಸೇರಿ ವಿವಿಧ
ಹೆಚ್ಚು ಪಟಾಕಿ ವ್ಯಾಪಾರಿಗಳು ಕಾರ್ಖಾನೆಗಳಿಂದ ನೇರವಾಗಿ ಖರೀದಿಸಿದ್ದಾರೆ. ಆನ್‌ಲೈನ್ ಮಾರಾಟವೂ ಹೆಚ್ಚಾಗಿದೆ. ಕಚ್ಚಾ ವಸ್ತುಗಳ ಬೆಲೆ ಏರಿಕೆಯಿಂದ ಪಟಾಕಿ ದರವೂ ಶೇ.15 ರಿಂದ 20 ರಷ್ಟು ಹೆಚ್ಚಳವಾಗಿದೆ. ಆದರೂ ಬೇಡಿಕೆಯಲ್ಲಿ ಕುಸಿತ ಕಂಡುಬಂದಿಲ್ಲ ಎಂದು ವ್ಯಾಪಾರಿಗಳು ತಿಳಿಸಿದ್ದಾರೆ. ಕಾರ್ಮಿಕರ ಸುರಕ್ಷತೆಗೆ ವಿಶೇಷ ಕ್ರಮ ಕೈಗೊಳ್ಳಲಾಗಿದೆ ಎಂದು ಅಧಿಕಾರಿಗಳು ಹೇಳಿದ್ದಾರೆ.
ಗೃಹಸಚಿವ, ಜಿಲ್ಲಾಧಿಕಾರಿ ಬಾಜಿ ಹೇಳಿಕೆಗೆ ಕೆಎಲ್‌ಎಲ್‌ಎಸ್ ಖಂಡನೆ
•ಸುದ್ದಿಮೂಲ ವಾರ್ತೆ, ತುಮಕೂರು, ಅ.20:
ಪದವಿ ಪೂರ್ವ ಕಾಲೇಜಿನ ವಿದ್ಯಾರ್ಥಿಗಳಿಗೆ ಸಂಬಂಧಿಸಿದಂತೆ ಗೃಹಸಚಿವರು ಹಾಗೂ ಜಿಲ್ಲಾಧಿಕಾರಿ ನೀಡಿರುವ ಹೇಳಿಕೆಯನ್ನು ಕೆಎಲ್‌ಎಲ್‌ಎಸ್ ಸಂಘಟನೆ ತೀವ್ರವಾಗಿ ಖಂಡಿಸಿದೆ. ಸಂಘಟನೆಯ ಜಿಲ್ಲಾಧ್ಯಕ್ಷರು ಮಾತನಾಡಿ, ಜವಾಬ್ದಾರಿಯುತ ಸ್ಥಾನದಲ್ಲಿರುವವರು ಇಂತಹ ಹೇಳಿಕೆ ನೀಡಬಾರದು. ವಿದ್ಯಾರ್ಥಿಗಳ ಭವಿಷ್ಯದ ಬಗ್ಗೆ ಕಾಳಜಿ ವಹಿಸಬೇಕು ಎಂದರು. ಕೂಡಲೇ ಹೇಳಿಕೆ ಹಿಂಪಡೆದು ಕ್ಷಮೆ ಯಾಚಿಸಬೇಕು ಎಂದು ಒತ್ತಾಯಿಸಿದರು. ಇಲ್ಲದಿದ್ದರೆ ರಾಜ್ಯಾದ್ಯಂತ ಉಗ್ರ ಹೋರಾಟ ನಡೆಸಲಾಗುವುದು ಎಂದು ಎಚ್ಚರಿಸಿದರು. ಪ್ರತಿಭಟನೆಯಲ್ಲಿ ಸಂಘಟನೆಯ ಪದಾಧಿಕಾರಿಗಳು, ವಿದ್ಯಾರ್ಥಿಗಳು ಹಾಗೂ ಪೋಷಕರು ಭಾಗವಹಿಸಿದ್ದರು. ಜಿಲ್ಲಾಧಿಕಾರಿಗಳ ಮೂಲಕ ಮುಖ್ಯಮಂತ್ರಿಗಳಿಗೆ ಮನವಿ ಸಲ್ಲಿಸಲಾಯಿತು. ಶಿಕ್ಷಣ ವ್ಯವಸ್ಥೆಯ ಸುಧಾರಣೆಗೆ ಸರ್ಕಾರ ಮುಂದಾಗಬೇಕು ಎಂದು ಆಗ್ರಹಿಸಿದರು.
ಬೆಂಗಳೂರಿನಿಂದ ವಿಶಾಖಪಟ್ಟಣಕ್ಕೆ ವಿಶೇಷ ರೈಲು
•ಸುದ್ದಿಮೂಲ ವಾರ್ತೆ, ಬೆಂಗಳೂರು, ಅ.20:
ದೀಪಾವಳಿ ಹಬ್ಬದ ಪ್ರಯುಕ್ತ ಪ್ರಯಾಣಿಕರ ದಟ್ಟಣೆಯನ್ನು ಗಮನದಲ್ಲಿಟ್ಟುಕೊಂಡು, ನೈಋತ್ಯ ರೈಲ್ವೆ ಬೆಂಗಳೂರಿನ ಸರ್ ಎಂ. ವಿಶ್ವೇಶ್ವರಯ್ಯ ಟರ್ಮಿನಲ್‌ನಿಂದ ಆಂಧ್ರಪ್ರದೇಶದ ವಿಶಾಖಪಟ್ಟಣಕ್ಕೆ ಒಂದು-ಮಾರ್ಗದ ವಿಶೇಷ ರೈಲು ಸೇವೆಯನ್ನು ಓಡಿಸಲಿದೆ.
ರೈಲು ಸಂಖ್ಯೆ 08544 ಅ. 22 ರಂದು ಮಧ್ಯಾಹ್ನ 3:50ಕ್ಕೆ ಎಸ್‌ಎಂವಿಟಿ ಬೆಂಗಳೂರಿನಿಂದ ಹೊರಡಲಿದೆ. ಈ ರೈಲು ಕೃಷ್ಣರಾಜಪುರಂ, ಬಂಗಾರಪೇಟೆ, ಕುಪ್ಪಂ, ಜೋಲಾರಪೇಟೆ, ಕಾಟ್ಪಾಡಿ, ರೇಣಿಗುಂಟ, ಗೂಡೂರು, ನೆಲ್ಲೂರು, ಗುಂಟೂರು, ವಿಜಯವಾಡ, ರಾಜಮಂಡ್ರಿ ಮತ್ತು ಸಾಮಲಕೋಟ ನಿಲ್ದಾಣಗಳಲ್ಲಿ ನಿಲುಗಡೆ ಹೊಂದಿದ್ದು ಅ. 23 ರಂದು ಮಧ್ಯಾಹ್ನ 1:30ಕ್ಕೆ ವಿಶಾಖಪಟ್ಟಣ ನಿಲ್ದಾಣವನ್ನು ತಲುಪಲಿದೆ.
ದೇಶದ ಪ್ರಗತಿಗೆ ಮುಸ್ಲಿಂ ಸಮುದಾಯದ ಆರ್ಥಿಕ ಚಿಂತನೆ ವ್ಯಾಪಾರಸ್ಥರಿಗೆ ಆತ್ಮ ವಿಶ್ವಾಸ ತುಂಬಿದ ರಿಫಾಹ್ ಚೇಂಬರ್
•ಸುದ್ದಿಮೂಲ ವಾರ್ತೆ, ತುಮಕೂರು, ಅ.20:
ದೇಶದ ಪ್ರಗತಿಗೆ ಮುಸ್ಲಿಂ ಸಮುದಾಯದ ಆರ್ಥಿಕ ಕ್ಷೇತ್ರದಲ್ಲಿ ಚಿಂತನೆ ನಡೆಸಿ, ವ್ಯಾಪಾರ ಮತ್ತು ಉದ್ಯಮದಲ್ಲಿ ಮುಂಚೂಣಿಯಲ್ಲಿರಲು ಸಹಕಾರಿಯಾಗಿದೆ ಎಂದು ರಿಫಾಹ್ ಚೇಂಬರ್ ಆಫ್ ಕಾಮರ್ಸ್ ಅಧ್ಯಕ್ಷರು ಹೇಳಿದರು. ನಗರದ ಖಾಸಗಿ ಹೋಟೆಲ್‌ನಲ್ಲಿ ನಡೆದ ರಿಫಾಹ್ ಚೇಂಬರ್ ಸಮಾವೇಶದಲ್ಲಿ ಮಾತನಾಡಿದ ಅವರು, ವ್ಯಾಪಾರಸ್ಥರು ಆತ್ಮವಿಶ್ವಾಸದಿಂದ ಉದ್ಯಮ ನಡೆಸಬೇಕು. ಸರ್ಕಾರದ ಯೋಜನೆಗಳ ಸದುಪಯೋಗ ಪಡೆದುಕೊಳ್ಳಬೇಕು ಎಂದರು.
ಸಮಾವೇಶದಲ್ಲಿ ಪಾಲ್ಗೊಂಡ ವ್ಯಾಪಾರಸ್ಥರು ಹಾಗೂ ಉದ್ಯಮಿಗಳು ತಮ್ಮ ಅನುಭವ ಹಂಚಿಕೊಂಡರು. ಸಣ್ಣ ಉದ್ಯಮಿಗಳಿಗೆ ಸಾಲ ಸೌಲಭ್ಯ, ಮಾರುಕಟ್ಟೆ ವಿಸ್ತರಣೆ ಕುರಿತು ಮಾಹಿತಿ ನೀಡಲಾಯಿತು. ಯುವಕರು ಸ್ವಉದ್ಯೋಗದತ್ತ ಮುಖ ಮಾಡಬೇಕು ಎಂದು ಸಲಹೆ ನೀಡಿದರು.
ಕುರು ಶಾಲಾ ಅಧ್ಯಕ್ಷ ಯಾಸ್ಮೀನ್ ಖಾನ್ ಮಾತನಾಡಿ, ದೇಶಕ್ಕೆ ಸ್ವತಂತ್ರ ಹೋರಾಟಗಾರರು ನೀಡಿದ ಕೊಡುಗೆಯಂತೆ ಇಂದು ವ್ಯಾಪಾರಸ್ಥರು ದೇಶದ ಆರ್ಥಿಕತೆಗೆ ಕೊಡುಗೆ ನೀಡುತ್ತಿದ್ದಾರೆ. ರಿಫಾಹ್ ಚೇಂಬರ್ ಆಫ್ ಕಾಮರ್ಸ್ ಅಂಡ್ ಇಂಡಸ್ಟ್ರಿ ವ್ಯಾಪಾರಸ್ಥರಿಗೆ ಮಾರ್ಗದರ್ಶನ ನೀಡುತ್ತಿದೆ. ಈ ಸಂಸ್ಥೆ ಕಾರ್ಯಚಟುವಟಿಕೆ ಆರಂಭಿಸಿದಾಗಿನಿಂದ ಉದ್ಯಮಿಗಳಿಗೆ ಅನುಕೂಲವಾಗಿದೆ ಎಂದರು. ಈ ಸಂದರ್ಭದಲ್ಲಿ ರಿಫಾಹ್ ಚೇಂಬರ್ ರಾಜ್ಯ ಕಾರ್ಯದರ್ಶಿ, ಜಿಲ್ಲಾ ಘಟಕದ ಪದಾಧಿಕಾರಿಗಳು, ಉದ್ಯಮಿಗಳು ಹಾಗೂ ಸಮಾಜದ ಮುಖಂಡರು ಉಪಸ್ಥಿತರಿದ್ದರು.
